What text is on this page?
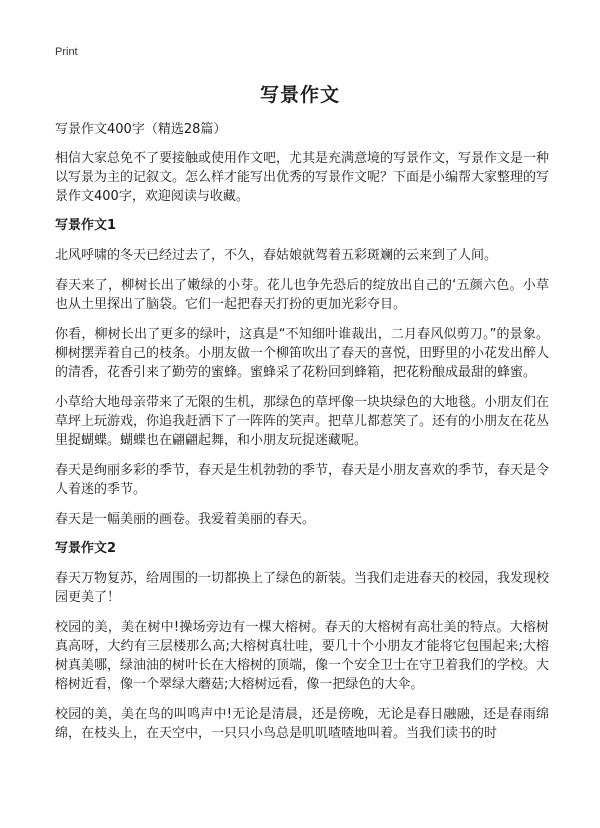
Print
写景作文

写景作文400字（精选28篇）

相信大家总免不了要接触或使用作文吧，尤其是充满意境的写景作文，写景作文是一种以写景为主的记叙文。怎么样才能写出优秀的写景作文呢？下面是小编帮大家整理的写景作文400字，欢迎阅读与收藏。

写景作文1

北风呼啸的冬天已经过去了，不久，春姑娘就驾着五彩斑斓的云来到了人间。

春天来了，柳树长出了嫩绿的小芽。花儿也争先恐后的绽放出自己的‘五颜六色。小草也从土里探出了脑袋。它们一起把春天打扮的更加光彩夺目。

你看，柳树长出了更多的绿叶，这真是“不知细叶谁裁出，二月春风似剪刀。”的景象。柳树摆弄着自己的枝条。小朋友做一个柳笛吹出了春天的喜悦，田野里的小花发出醉人的清香，花香引来了勤劳的蜜蜂。蜜蜂采了花粉回到蜂箱，把花粉酿成最甜的蜂蜜。

小草给大地母亲带来了无限的生机，那绿色的草坪像一块块绿色的大地毯。小朋友们在草坪上玩游戏，你追我赶洒下了一阵阵的笑声。把草儿都惹笑了。还有的小朋友在花丛里捉蝴蝶。蝴蝶也在翩翩起舞，和小朋友玩捉迷藏呢。

春天是绚丽多彩的季节，春天是生机勃勃的季节，春天是小朋友喜欢的季节，春天是令人着迷的季节。

春天是一幅美丽的画卷。我爱着美丽的春天。

写景作文2

春天万物复苏，给周围的一切都换上了绿色的新装。当我们走进春天的校园，我发现校园更美了！

校园的美，美在树中!操场旁边有一棵大榕树。春天的大榕树有高壮美的特点。大榕树真高呀，大约有三层楼那么高;大榕树真壮哇，要几十个小朋友才能将它包围起来;大榕树真美哪，绿油油的树叶长在大榕树的顶端，像一个安全卫士在守卫着我们的学校。大榕树近看，像一个翠绿大蘑菇;大榕树远看，像一把绿色的大伞。

校园的美，美在鸟的叫鸣声中!无论是清晨，还是傍晚，无论是春日融融，还是春雨绵绵，在枝头上，在天空中，一只只小鸟总是叽叽喳喳地叫着。当我们读书的时
